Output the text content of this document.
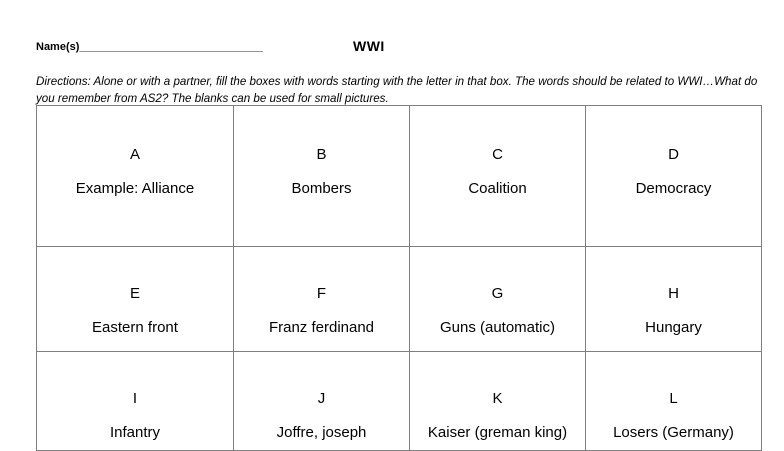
Name(s)______________________________	WWI
Directions: Alone or with a partner, fill the boxes with words starting with the letter in that box. The words should be related to WWI…What do you remember from AS2? The blanks can be used for small pictures.
A
Example: Alliance
B
Bombers
C
Coalition
D
Democracy
E
Eastern front
F
Franz ferdinand
G
Guns (automatic)
H
Hungary
I
Infantry
J
Joffre, joseph
K
Kaiser (greman king)
L
Losers (Germany)
